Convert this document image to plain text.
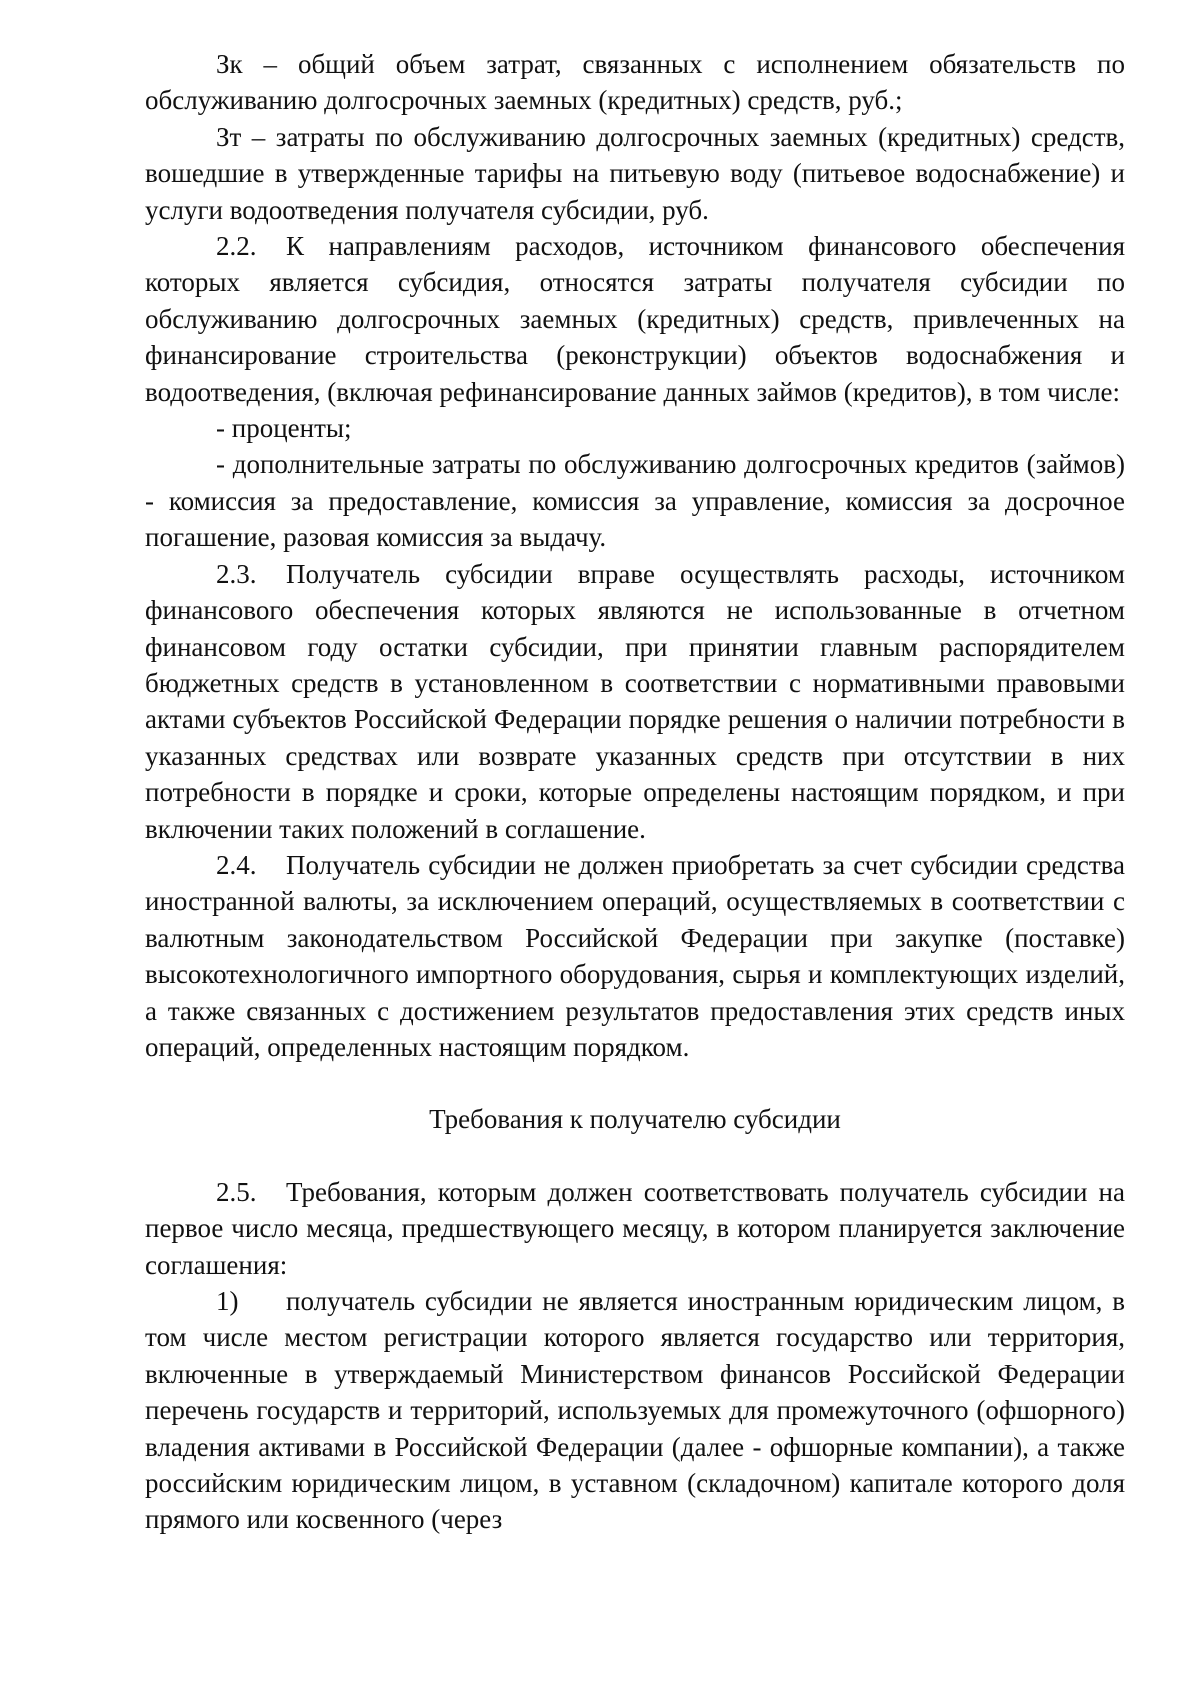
Зк – общий объем затрат, связанных с исполнением обязательств по обслуживанию долгосрочных заемных (кредитных) средств, руб.;

Зт – затраты по обслуживанию долгосрочных заемных (кредитных) средств, вошедшие в утвержденные тарифы на питьевую воду (питьевое водоснабжение) и услуги водоотведения получателя субсидии, руб.

2.2. К направлениям расходов, источником финансового обеспечения которых является субсидия, относятся затраты получателя субсидии по обслуживанию долгосрочных заемных (кредитных) средств, привлеченных на финансирование строительства (реконструкции) объектов водоснабжения и водоотведения, (включая рефинансирование данных займов (кредитов), в том числе:

- проценты;

- дополнительные затраты по обслуживанию долгосрочных кредитов (займов) - комиссия за предоставление, комиссия за управление, комиссия за досрочное погашение, разовая комиссия за выдачу.

2.3. Получатель субсидии вправе осуществлять расходы, источником финансового обеспечения которых являются не использованные в отчетном финансовом году остатки субсидии, при принятии главным распорядителем бюджетных средств в установленном в соответствии с нормативными правовыми актами субъектов Российской Федерации порядке решения о наличии потребности в указанных средствах или возврате указанных средств при отсутствии в них потребности в порядке и сроки, которые определены настоящим порядком, и при включении таких положений в соглашение.

2.4. Получатель субсидии не должен приобретать за счет субсидии средства иностранной валюты, за исключением операций, осуществляемых в соответствии с валютным законодательством Российской Федерации при закупке (поставке) высокотехнологичного импортного оборудования, сырья и комплектующих изделий, а также связанных с достижением результатов предоставления этих средств иных операций, определенных настоящим порядком.

Требования к получателю субсидии

2.5. Требования, которым должен соответствовать получатель субсидии на первое число месяца, предшествующего месяцу, в котором планируется заключение соглашения:

1) получатель субсидии не является иностранным юридическим лицом, в том числе местом регистрации которого является государство или территория, включенные в утверждаемый Министерством финансов Российской Федерации перечень государств и территорий, используемых для промежуточного (офшорного) владения активами в Российской Федерации (далее - офшорные компании), а также российским юридическим лицом, в уставном (складочном) капитале которого доля прямого или косвенного (через
